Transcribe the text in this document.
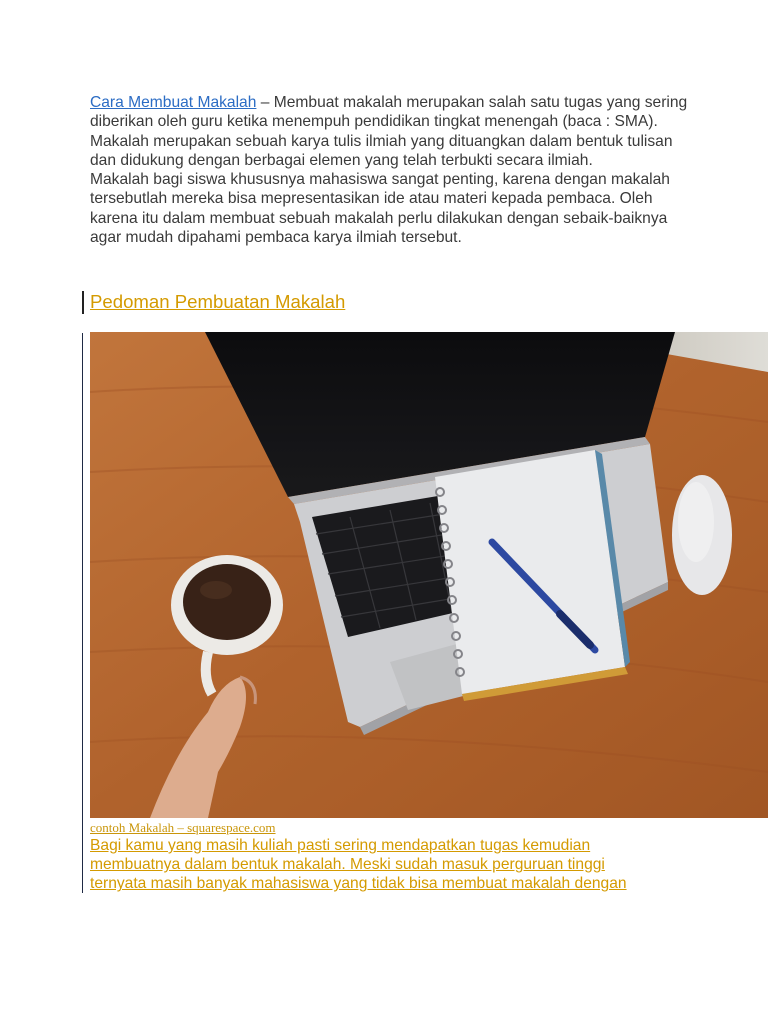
Cara Membuat Makalah – Membuat makalah merupakan salah satu tugas yang sering diberikan oleh guru ketika menempuh pendidikan tingkat menengah (baca : SMA). Makalah merupakan sebuah karya tulis ilmiah yang dituangkan dalam bentuk tulisan dan didukung dengan berbagai elemen yang telah terbukti secara ilmiah.

Makalah bagi siswa khususnya mahasiswa sangat penting, karena dengan makalah tersebutlah mereka bisa mepresentasikan ide atau materi kepada pembaca. Oleh karena itu dalam membuat sebuah makalah perlu dilakukan dengan sebaik-baiknya agar mudah dipahami pembaca karya ilmiah tersebut.

Pedoman Pembuatan Makalah
contoh Makalah – squarespace.com
Bagi kamu yang masih kuliah pasti sering mendapatkan tugas kemudian
membuatnya dalam bentuk makalah. Meski sudah masuk perguruan tinggi
ternyata masih banyak mahasiswa yang tidak bisa membuat makalah dengan
